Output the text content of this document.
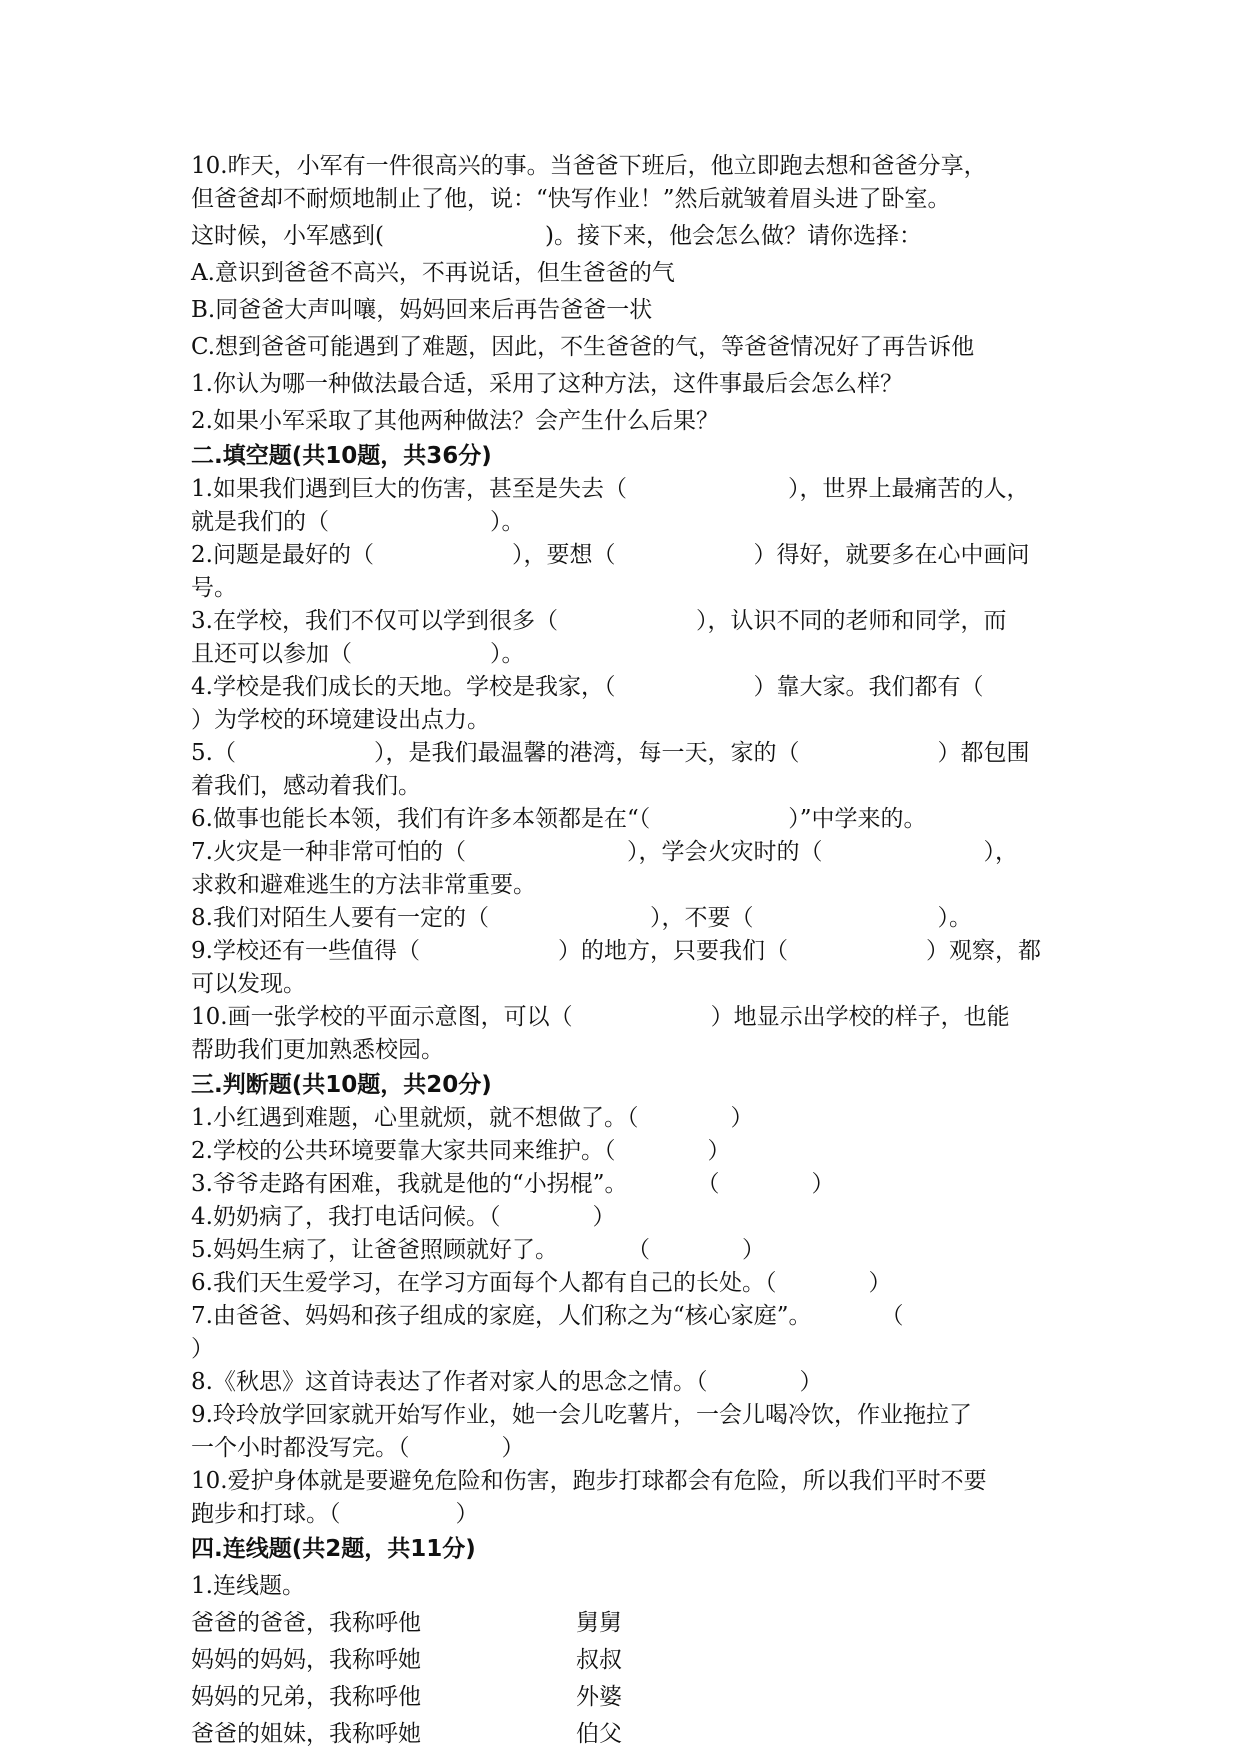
10.昨天，小军有一件很高兴的事。当爸爸下班后，他立即跑去想和爸爸分享，

但爸爸却不耐烦地制止了他，说：“快写作业！”然后就皱着眉头进了卧室。

这时候，小军感到(　　　　　　　)。接下来，他会怎么做？请你选择：

A.意识到爸爸不高兴，不再说话，但生爸爸的气

B.同爸爸大声叫嚷，妈妈回来后再告爸爸一状

C.想到爸爸可能遇到了难题，因此，不生爸爸的气，等爸爸情况好了再告诉他

1.你认为哪一种做法最合适，采用了这种方法，这件事最后会怎么样？

2.如果小军采取了其他两种做法？会产生什么后果？

二.填空题(共10题，共36分)

1.如果我们遇到巨大的伤害，甚至是失去（　　　　　　　），世界上最痛苦的人，

就是我们的（　　　　　　　）。

2.问题是最好的（　　　　　　），要想（　　　　　　）得好，就要多在心中画问

号。

3.在学校，我们不仅可以学到很多（　　　　　　），认识不同的老师和同学，而

且还可以参加（　　　　　　）。

4.学校是我们成长的天地。学校是我家，（　　　　　　）靠大家。我们都有（

）为学校的环境建设出点力。

5.（　　　　　　），是我们最温馨的港湾，每一天，家的（　　　　　　）都包围

着我们，感动着我们。

6.做事也能长本领，我们有许多本领都是在“（　　　　　　）”中学来的。

7.火灾是一种非常可怕的（　　　　　　　），学会火灾时的（　　　　　　　），

求救和避难逃生的方法非常重要。

8.我们对陌生人要有一定的（　　　　　　　），不要（　　　　　　　　）。

9.学校还有一些值得（　　　　　　）的地方，只要我们（　　　　　　）观察，都

可以发现。

10.画一张学校的平面示意图，可以（　　　　　　）地显示出学校的样子，也能

帮助我们更加熟悉校园。

三.判断题(共10题，共20分)

1.小红遇到难题，心里就烦，就不想做了。（　　　　）

2.学校的公共环境要靠大家共同来维护。（　　　　）

3.爷爷走路有困难，我就是他的“小拐棍”。　　　　（　　　　）

4.奶奶病了，我打电话问候。（　　　　）

5.妈妈生病了，让爸爸照顾就好了。　　　　（　　　　）

6.我们天生爱学习，在学习方面每个人都有自己的长处。（　　　　）

7.由爸爸、妈妈和孩子组成的家庭，人们称之为“核心家庭”。　　　　（

）

8.《秋思》这首诗表达了作者对家人的思念之情。（　　　　）

9.玲玲放学回家就开始写作业，她一会儿吃薯片，一会儿喝冷饮，作业拖拉了

一个小时都没写完。（　　　　）

10.爱护身体就是要避免危险和伤害，跑步打球都会有危险，所以我们平时不要

跑步和打球。（　　　　　）

四.连线题(共2题，共11分)

1.连线题。

爸爸的爸爸，我称呼他	舅舅
妈妈的妈妈，我称呼她	叔叔
妈妈的兄弟，我称呼他	外婆
爸爸的姐妹，我称呼她	伯父
